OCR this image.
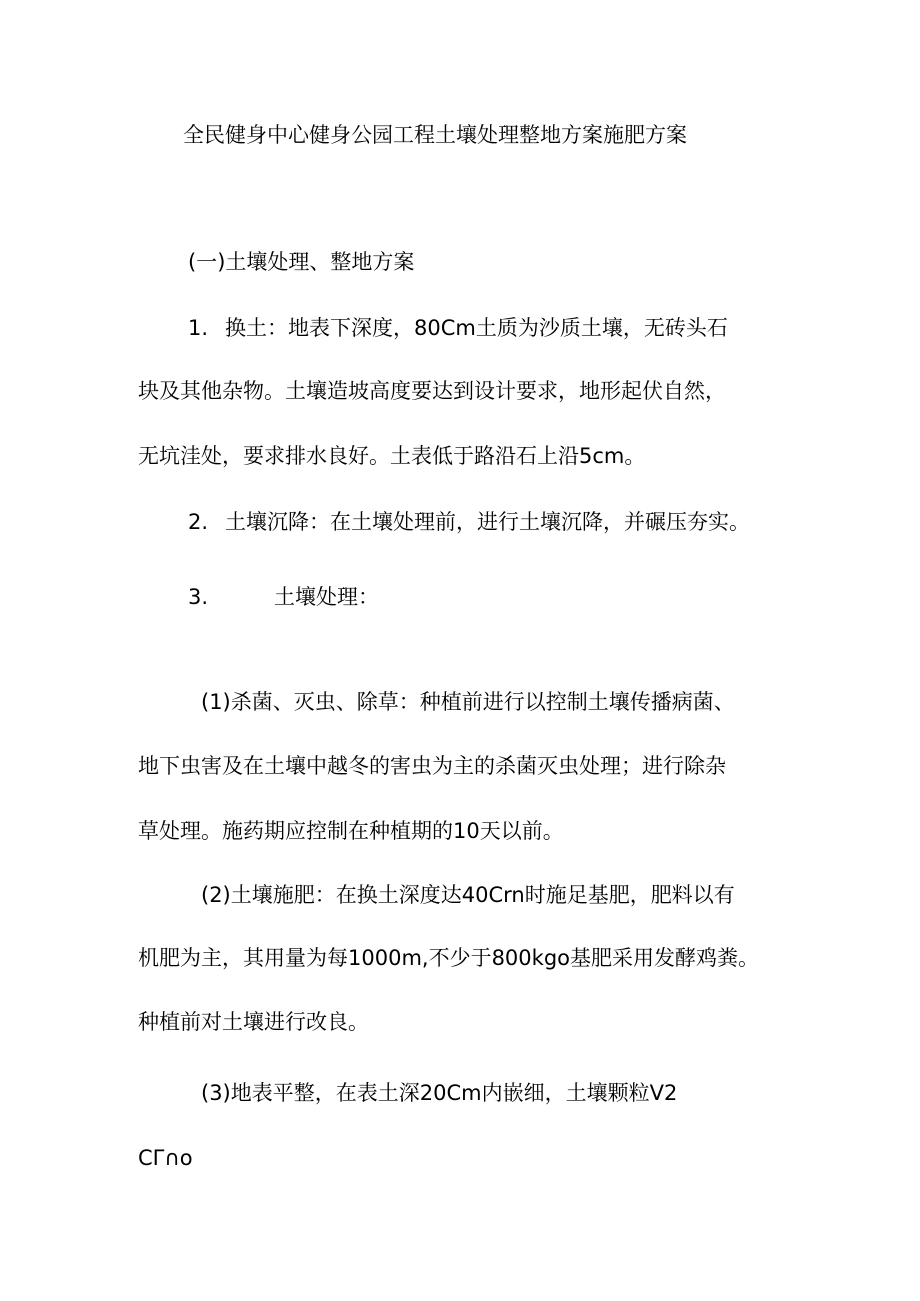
全民健身中心健身公园工程土壤处理整地方案施肥方案

(一)土壤处理、整地方案

1. 换土：地表下深度，80Cm土质为沙质土壤，无砖头石

块及其他杂物。土壤造坡高度要达到设计要求，地形起伏自然，

无坑洼处，要求排水良好。土表低于路沿石上沿5cm。

2. 土壤沉降：在土壤处理前，进行土壤沉降，并碾压夯实。

3.	土壤处理：

(1)杀菌、灭虫、除草：种植前进行以控制土壤传播病菌、

地下虫害及在土壤中越冬的害虫为主的杀菌灭虫处理；进行除杂

草处理。施药期应控制在种植期的10天以前。

(2)土壤施肥：在换土深度达40Crn时施足基肥，肥料以有

机肥为主，其用量为每1000m,不少于800kgo基肥采用发酵鸡粪。

种植前对土壤进行改良。

(3)地表平整，在表土深20Cm内嵌细，土壤颗粒V2

CΓ∩o
